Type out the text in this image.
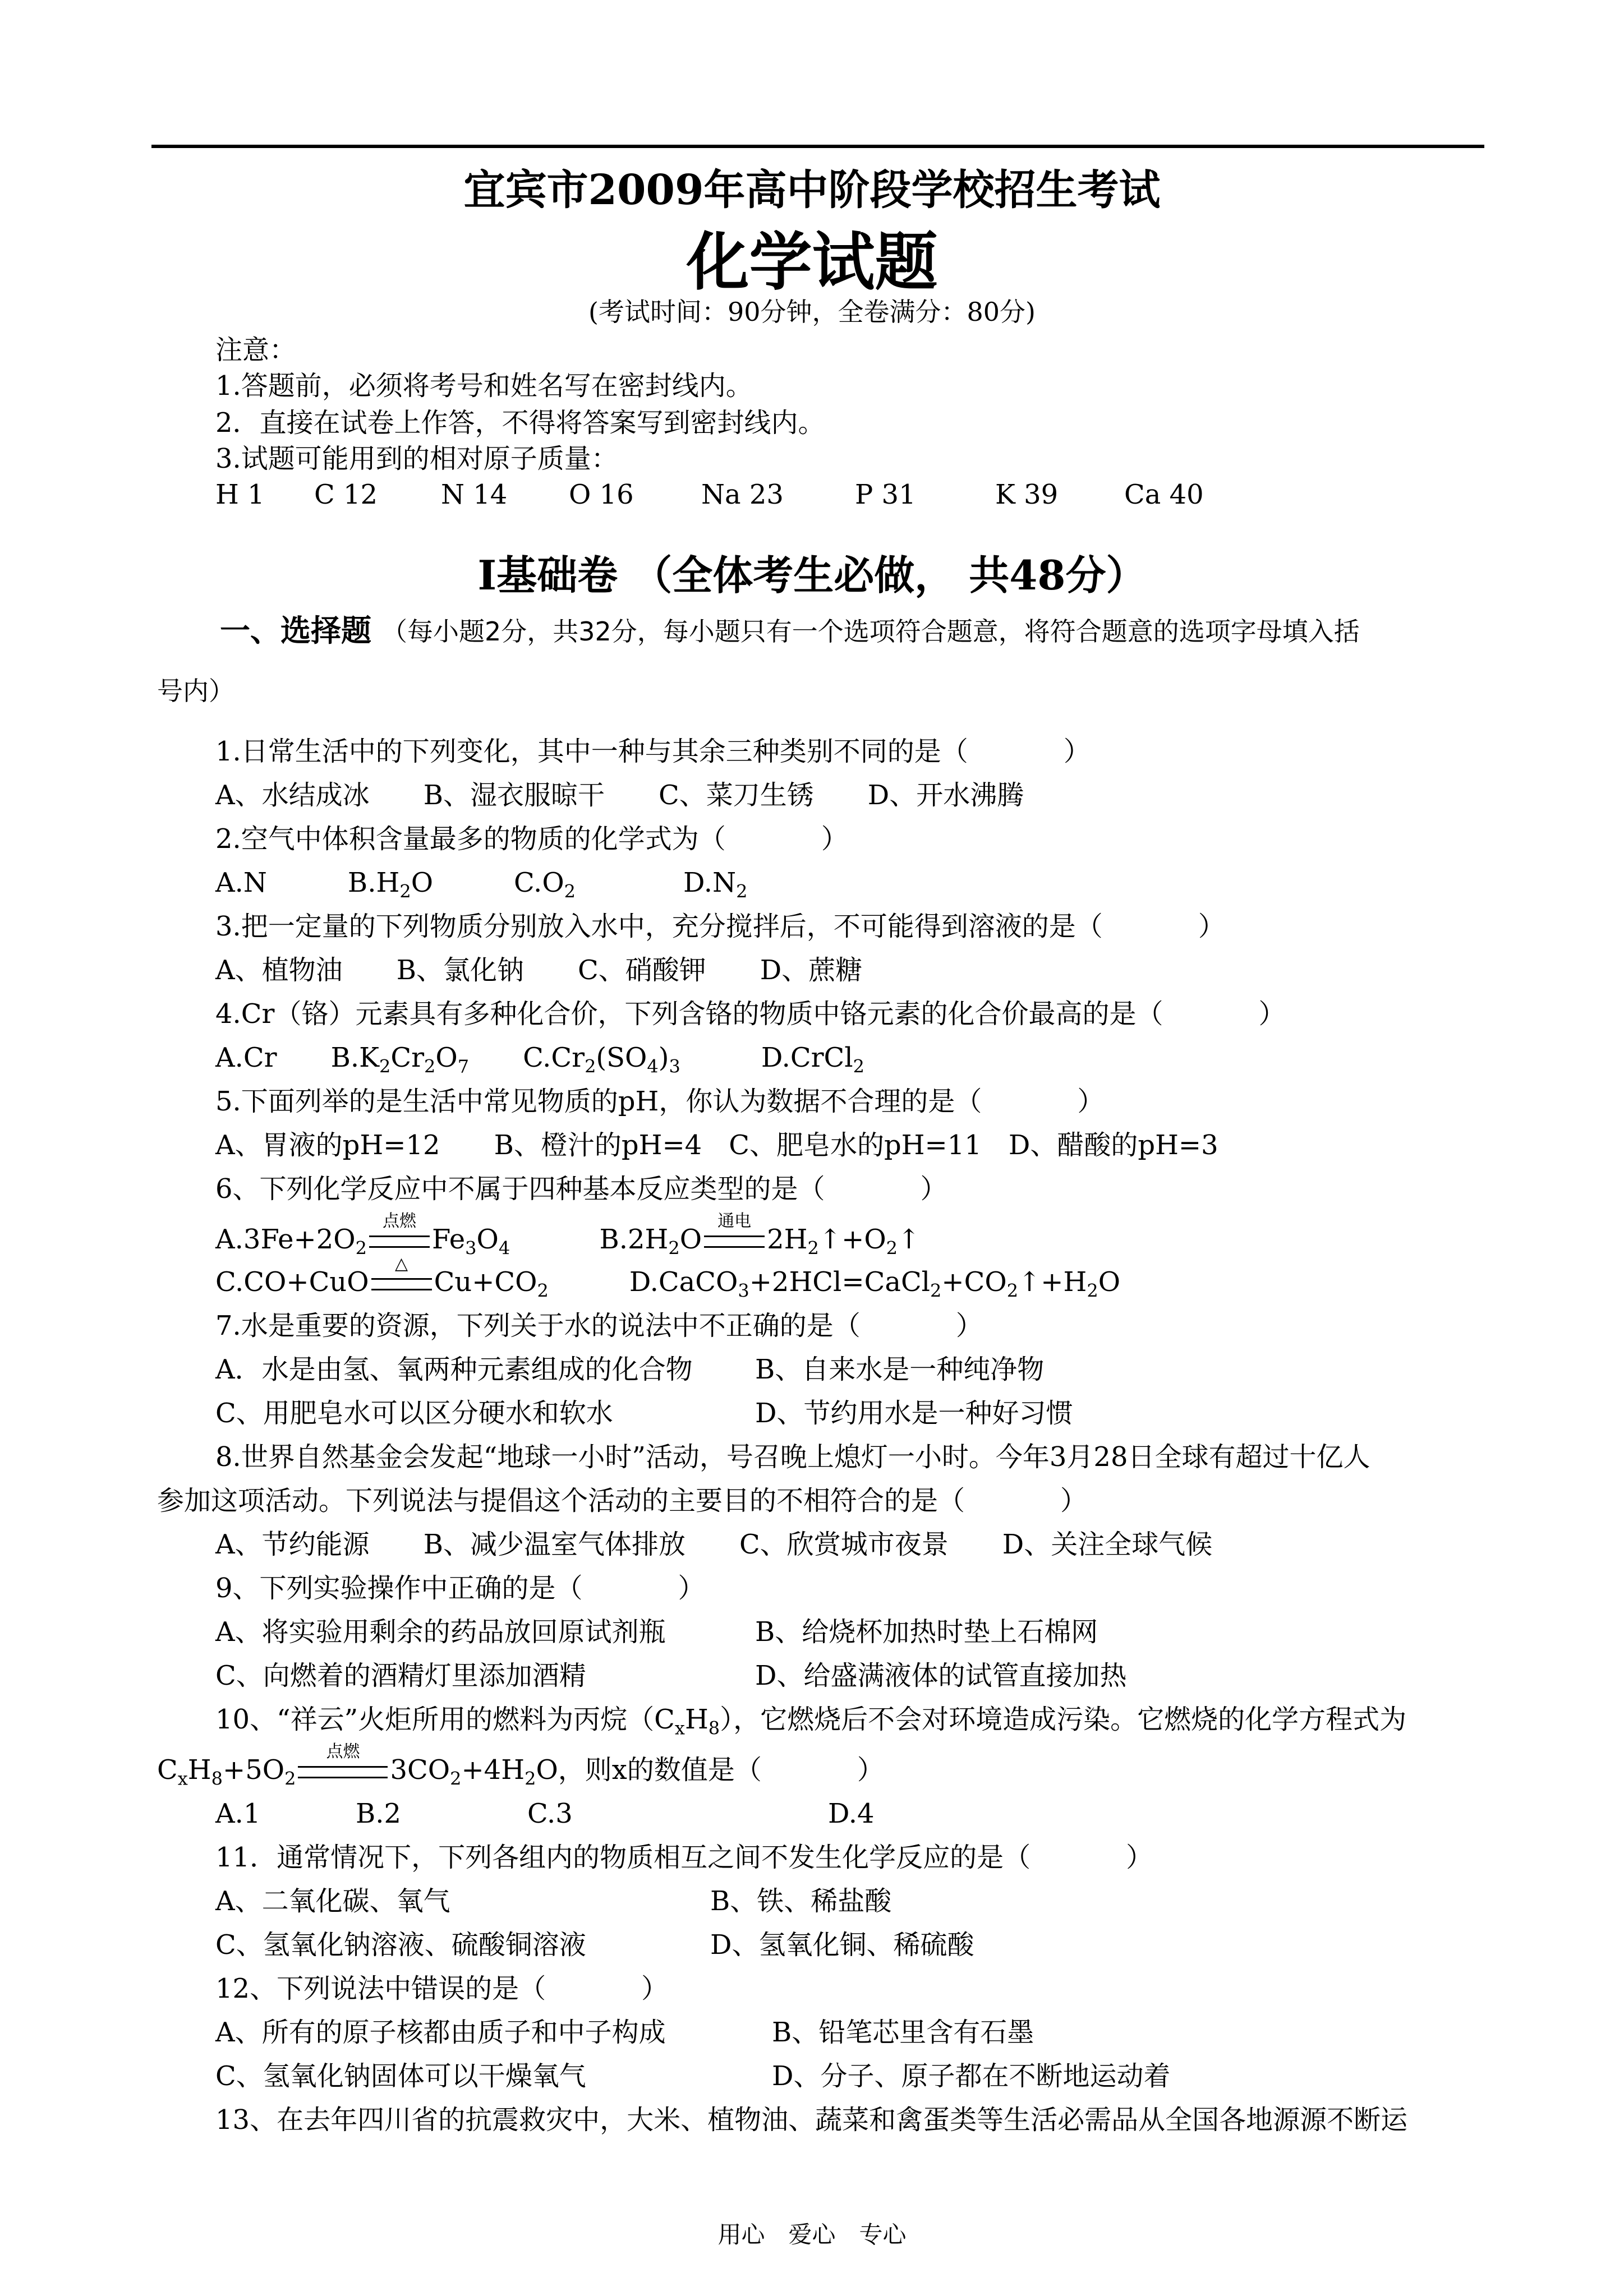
宜宾市2009年高中阶段学校招生考试
化学试题
(考试时间：90分钟，全卷满分：80分)
注意：
1.答题前，必须将考号和姓名写在密封线内。
2．直接在试卷上作答，不得将答案写到密封线内。
3.试题可能用到的相对原子质量：
H 1 C 12 N 14 O 16	Na 23	P 31	K 39 Ca 40
Ⅰ基础卷 （全体考生必做， 共48分）
一、选择题 （每小题2分，共32分，每小题只有一个选项符合题意，将符合题意的选项字母填入括
号内）
1.日常生活中的下列变化，其中一种与其余三种类别不同的是（	）
A、水结成冰　　 B、湿衣服晾干　　 C、菜刀生锈　　 D、开水沸腾
2.空气中体积含量最多的物质的化学式为（	）
A.N　　　$B.H_2O$　　　$C.O_2$　　　　$D.N_2$
3.把一定量的下列物质分别放入水中，充分搅拌后，不可能得到溶液的是（	）
A、植物油　　 B、氯化钠　　 C、硝酸钾　　 D、蔗糖
4.Cr（铬）元素具有多种化合价，下列含铬的物质中铬元素的化合价最高的是（	）
A.Cr　　$B.K_2Cr_2O_7$　　$C.Cr_2(SO_4)_3$　　　D.CrCl$_2$
5.下面列举的是生活中常见物质的pH，你认为数据不合理的是（	）
A、胃液的pH=12　　 B、橙汁的pH=4　 C、肥皂水的pH=11　 D、醋酸的pH=3
6、下列化学反应中不属于四种基本反应类型的是（	）
$A.3Fe+2O_2$
点燃
$Fe_3O_4$　　　 $B.2H_2O$
通电
$2H_2↑+O_2↑$
C.CO+CuO
△
$Cu+CO_2$　　　$D.CaCO_3+2HCl=CaCl_2+CO_2↑+H_2O$
7.水是重要的资源，下列关于水的说法中不正确的是（	）
A．水是由氢、氧两种元素组成的化合物 B、自来水是一种纯净物
C、用肥皂水可以区分硬水和软水	D、节约用水是一种好习惯
8.世界自然基金会发起“地球一小时”活动，号召晚上熄灯一小时。今年3月28日全球有超过十亿人
参加这项活动。下列说法与提倡这个活动的主要目的不相符合的是（	）
A、节约能源　　 B、减少温室气体排放　　 C、欣赏城市夜景　　 D、关注全球气候
9、下列实验操作中正确的是（	）
A、将实验用剩余的药品放回原试剂瓶	B、给烧杯加热时垫上石棉网
C、向燃着的酒精灯里添加酒精	D、给盛满液体的试管直接加热
10、“祥云”火炬所用的燃料为丙烷$(C_xH_8)$，它燃烧后不会对环境造成污染。它燃烧的化学方程式为
$C_xH_8+5O_2$
点燃
$3CO_2+4H_2O$，则x的数值是（	）
A.1	B.2	C.3	D.4
11．通常情况下，下列各组内的物质相互之间不发生化学反应的是（	）
A、二氧化碳、氧气	B、铁、稀盐酸
C、氢氧化钠溶液、硫酸铜溶液	D、氢氧化铜、稀硫酸
12、下列说法中错误的是（	）
A、所有的原子核都由质子和中子构成	B、铅笔芯里含有石墨
C、氢氧化钠固体可以干燥氧气	D、分子、原子都在不断地运动着
13、在去年四川省的抗震救灾中，大米、植物油、蔬菜和禽蛋类等生活必需品从全国各地源源不断运
用心　爱心　专心
